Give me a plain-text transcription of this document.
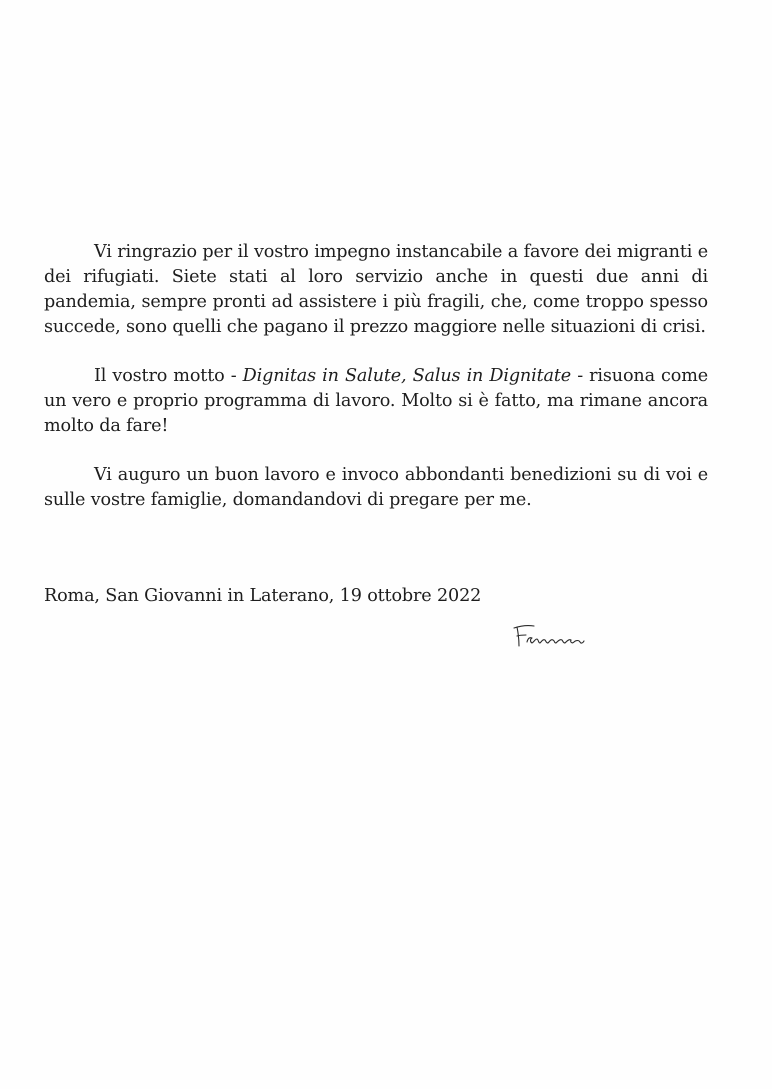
Vi ringrazio per il vostro impegno instancabile a favore dei migranti e dei rifugiati. Siete stati al loro servizio anche in questi due anni di pandemia, sempre pronti ad assistere i più fragili, che, come troppo spesso succede, sono quelli che pagano il prezzo maggiore nelle situazioni di crisi.

Il vostro motto - Dignitas in Salute, Salus in Dignitate - risuona come un vero e proprio programma di lavoro. Molto si è fatto, ma rimane ancora molto da fare!

Vi auguro un buon lavoro e invoco abbondanti benedizioni su di voi e sulle vostre famiglie, domandandovi di pregare per me.

Roma, San Giovanni in Laterano, 19 ottobre 2022
